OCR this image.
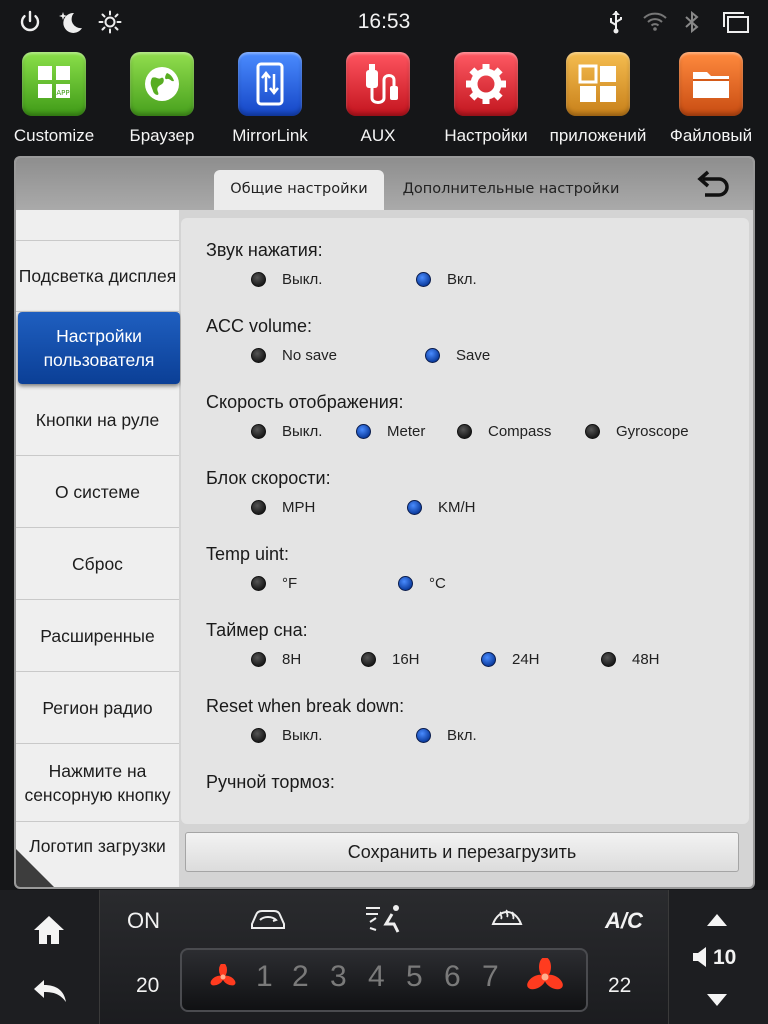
16:53
APP
Customize	Браузер	MirrorLink	AUX	Настройки	приложений	Файловый
Общие настройки	Дополнительные настройки
Подсветка дисплея
Настройки пользователя
Кнопки на руле
О системе
Сброс
Расширенные
Регион радио
Нажмите на сенсорную кнопку
Логотип загрузки
Звук нажатия:
Выкл.	Вкл.
ACC volume:
No save	Save
Скорость отображения:
Выкл.	Meter	Compass	Gyroscope
Блок скорости:
MPH	KM/H
Temp uint:
°F	°C
Таймер сна:
8H	16H	24H	48H
Reset when break down:
Выкл.	Вкл.
Ручной тормоз:
Сохранить и перезагрузить
ON	A/C
20	22
1 2 3 4 5 6 7
10
